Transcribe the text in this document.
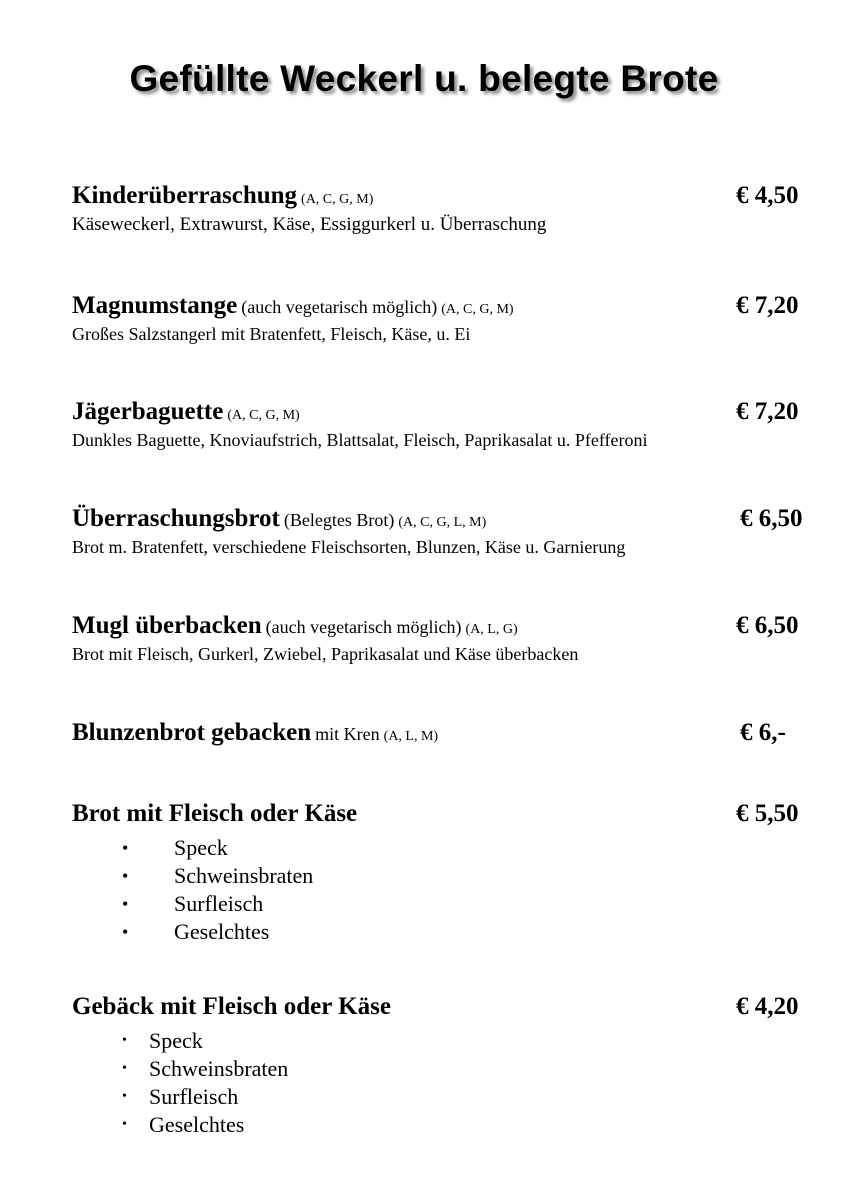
Gefüllte Weckerl u. belegte Brote
Kinderüberraschung (A, C, G, M)	€ 4,50
Käseweckerl, Extrawurst, Käse, Essiggurkerl u. Überraschung
Magnumstange (auch vegetarisch möglich) (A, C, G, M)	€ 7,20
Großes Salzstangerl mit Bratenfett, Fleisch, Käse, u. Ei
Jägerbaguette (A, C, G, M)	€ 7,20
Dunkles Baguette, Knoviaufstrich, Blattsalat, Fleisch, Paprikasalat u. Pfefferoni
Überraschungsbrot (Belegtes Brot) (A, C, G, L, M)	€ 6,50
Brot m. Bratenfett, verschiedene Fleischsorten, Blunzen, Käse u. Garnierung
Mugl überbacken (auch vegetarisch möglich) (A, L, G)	€ 6,50
Brot mit Fleisch, Gurkerl, Zwiebel, Paprikasalat und Käse überbacken
Blunzenbrot gebacken mit Kren (A, L, M)	€ 6,-
Brot mit Fleisch oder Käse	€ 5,50
• Speck
• Schweinsbraten
• Surfleisch
• Geselchtes
Gebäck mit Fleisch oder Käse	€ 4,20
• Speck
• Schweinsbraten
• Surfleisch
• Geselchtes
